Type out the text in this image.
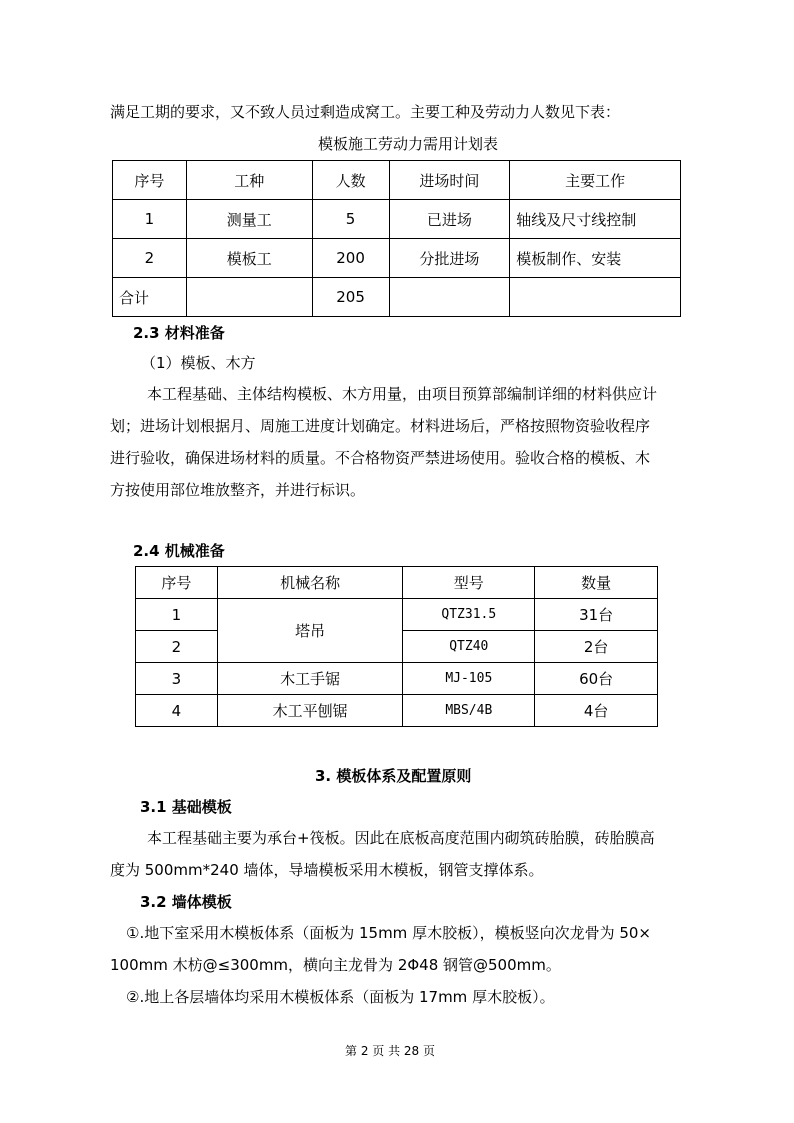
满足工期的要求，又不致人员过剩造成窝工。主要工种及劳动力人数见下表：
模板施工劳动力需用计划表
序号	工种	人数	进场时间	主要工作
1	测量工	5	已进场	轴线及尺寸线控制
2	模板工	200	分批进场	模板制作、安装
合计		205		
2.3 材料准备
（1）模板、木方
本工程基础、主体结构模板、木方用量，由项目预算部编制详细的材料供应计
划；进场计划根据月、周施工进度计划确定。材料进场后，严格按照物资验收程序
进行验收，确保进场材料的质量。不合格物资严禁进场使用。验收合格的模板、木
方按使用部位堆放整齐，并进行标识。
2.4 机械准备
序号	机械名称	型号	数量
1	塔吊	QTZ31.5	31台
2		QTZ40	2台
3	木工手锯	MJ-105	60台
4	木工平刨锯	MBS/4B	4台
3. 模板体系及配置原则
3.1 基础模板
本工程基础主要为承台+筏板。因此在底板高度范围内砌筑砖胎膜，砖胎膜高
度为 500mm*240 墙体，导墙模板采用木模板，钢管支撑体系。
3.2 墙体模板
①.地下室采用木模板体系（面板为 15mm 厚木胶板），模板竖向次龙骨为 50×
100mm 木枋@≤300mm，横向主龙骨为 2Φ48 钢管@500mm。
②.地上各层墙体均采用木模板体系（面板为 17mm 厚木胶板）。
第 2 页 共 28 页
